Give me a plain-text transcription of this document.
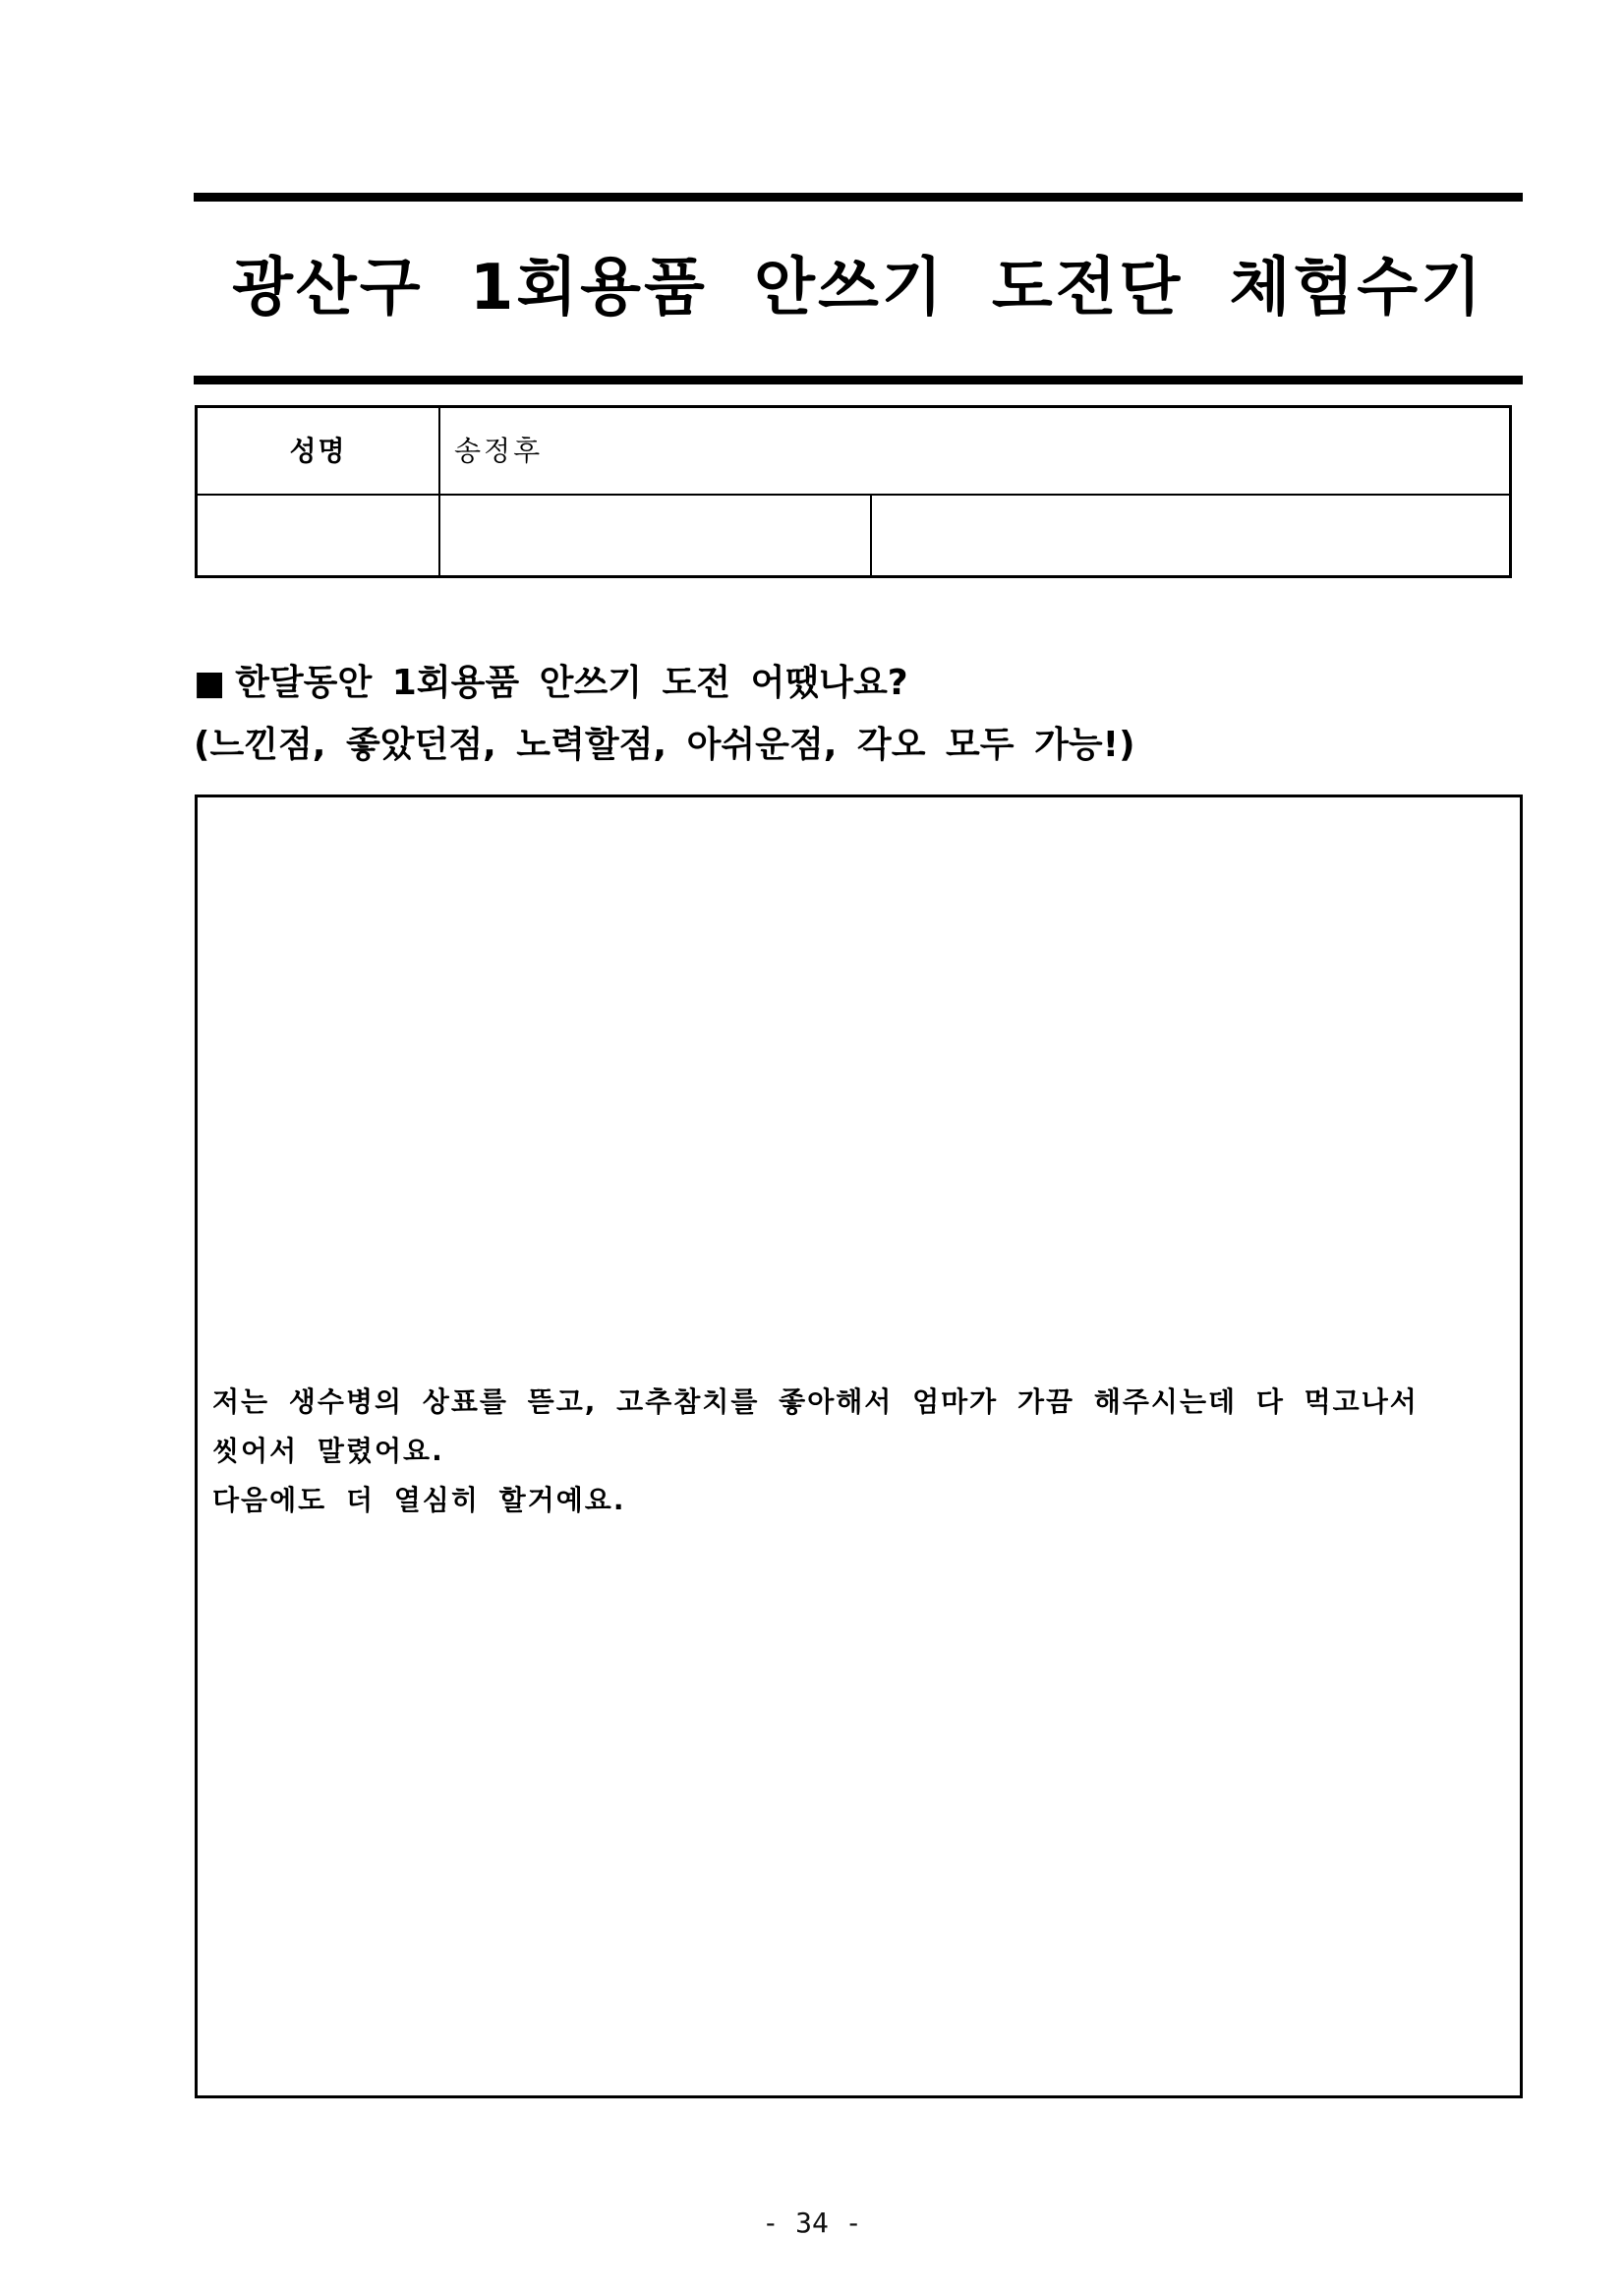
광산구 1회용품 안쓰기 도전단 체험수기
성명	송정후
■ 한달동안 1회용품 안쓰기 도전 어땠나요?
(느낀점, 좋았던점, 노력할점, 아쉬운점, 각오 모두 가능!)
저는 생수병의 상표를 뜯고, 고추참치를 좋아해서 엄마가 가끔 해주시는데 다 먹고나서
씻어서 말렸어요.
다음에도 더 열심히 할거예요.
- 34 -
